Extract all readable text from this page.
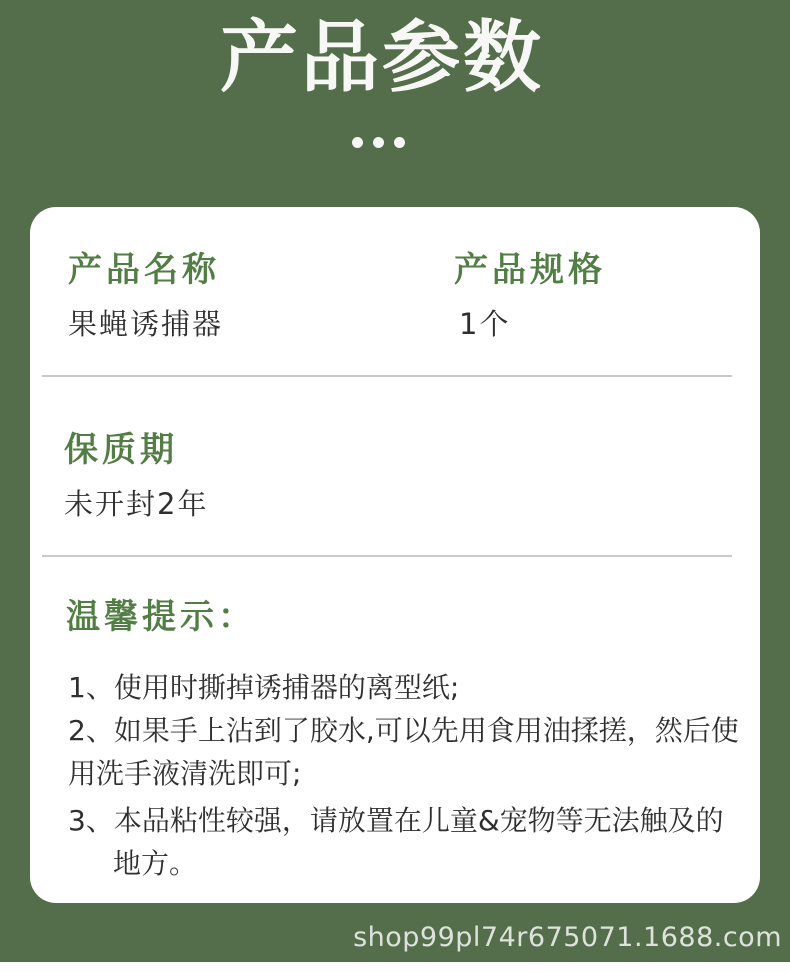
产品参数
产品名称	产品规格
果蝇诱捕器	1个
保质期
未开封2年
温馨提示：
1、使用时撕掉诱捕器的离型纸;
2、如果手上沾到了胶水,可以先用食用油揉搓，然后使
用洗手液清洗即可;
3、本品粘性较强，请放置在儿童&宠物等无法触及的
地方。
shop99pl74r675071.1688.com
